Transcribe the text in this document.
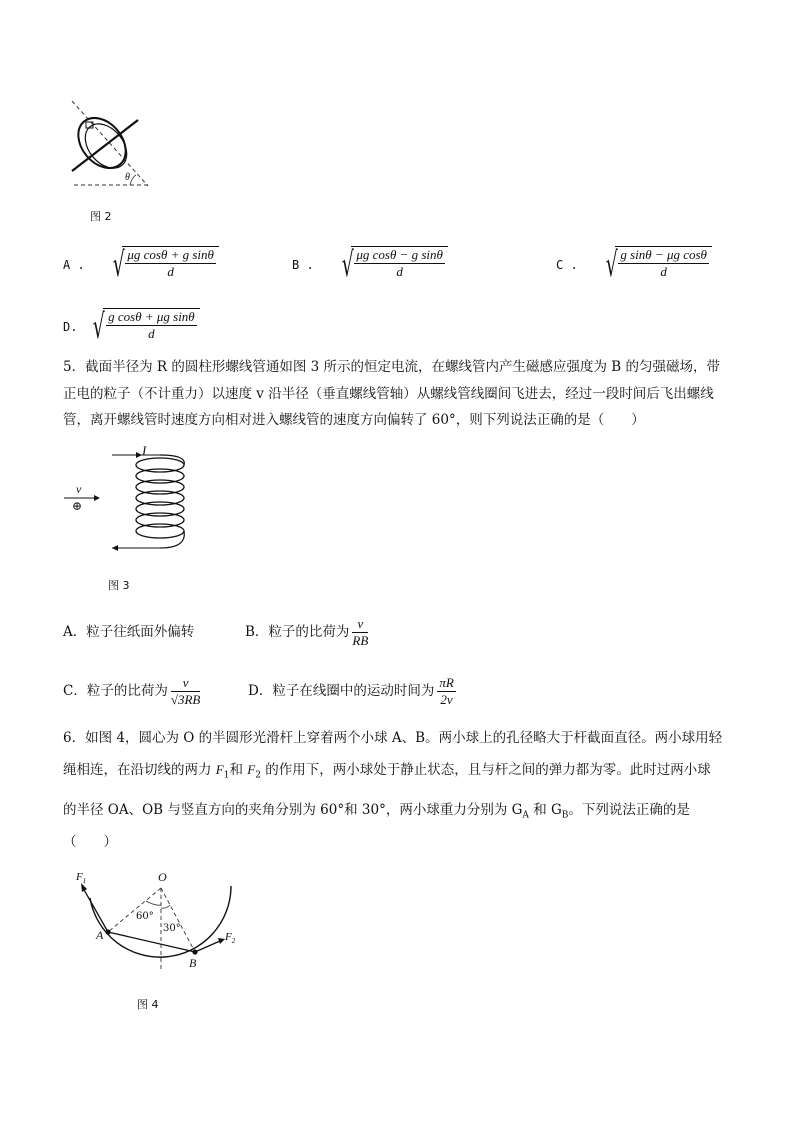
θ
图 2
A . √ $\frac{\text{μg cosθ + g sinθ}}{d}$	B . √ $\frac{\text{μg cosθ − g sinθ}}{d}$	C . √ $\frac{\text{g sinθ − μg cosθ}}{d}$
D. √ $\frac{\text{g cosθ + μg sinθ}}{d}$
5．截面半径为 R 的圆柱形螺线管通如图 3 所示的恒定电流，在螺线管内产生磁感应强度为 B 的匀强磁场，带
正电的粒子（不计重力）以速度 v 沿半径（垂直螺线管轴）从螺线管线圈间飞进去，经过一段时间后飞出螺线
管，离开螺线管时速度方向相对进入螺线管的速度方向偏转了 60°，则下列说法正确的是（　　）
I
v
⊕
图 3
A．粒子往纸面外偏转	B．粒子的比荷为 $\frac{v}{RB}$
C．粒子的比荷为 $\frac{v}{√3RB}$	D．粒子在线圈中的运动时间为 $\frac{\pi R}{2v}$
6．如图 4，圆心为 O 的半圆形光滑杆上穿着两个小球 A、B。两小球上的孔径略大于杆截面直径。两小球用轻
绳相连，在沿切线的两力 $F_1$和 $F_2$ 的作用下，两小球处于静止状态，且与杆之间的弹力都为零。此时过两小球
的半径 OA、OB 与竖直方向的夹角分别为 60°和 30°，两小球重力分别为 $G_A$ 和 $G_B$。下列说法正确的是
（　　）
O
A
B
$F_1$
$F_2$
60°
30°
图 4
